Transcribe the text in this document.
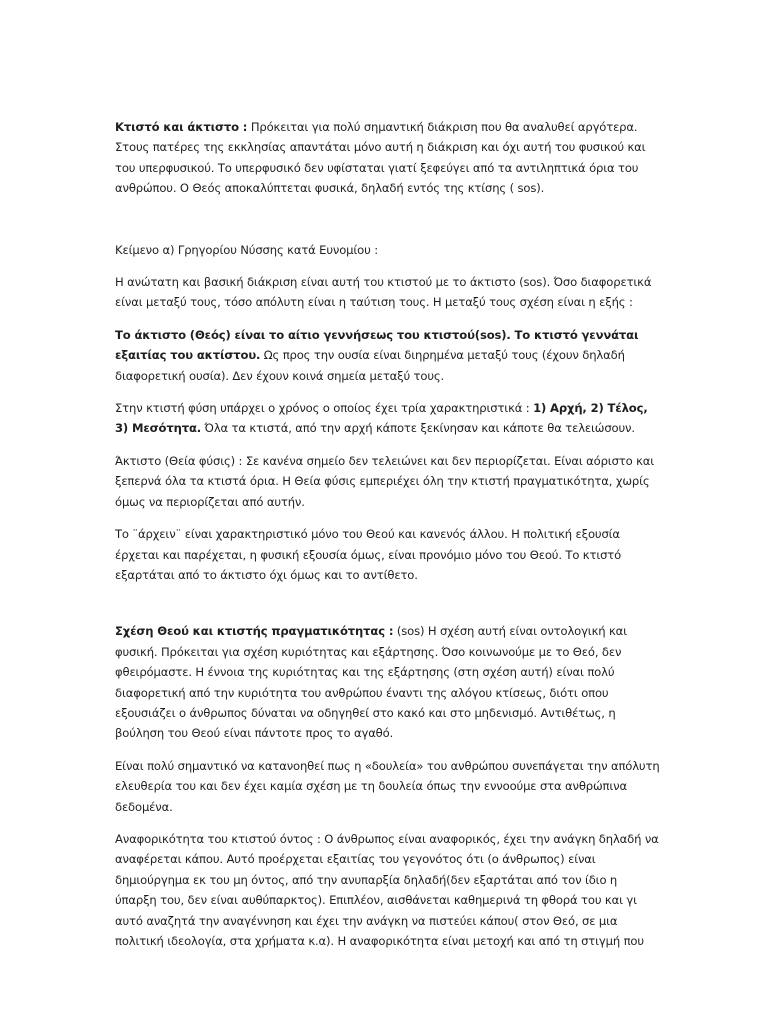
Κτιστό και άκτιστο : Πρόκειται για πολύ σημαντική διάκριση που θα αναλυθεί αργότερα. Στους πατέρες της εκκλησίας απαντάται μόνο αυτή η διάκριση και όχι αυτή του φυσικού και του υπερφυσικού. Το υπερφυσικό δεν υφίσταται γιατί ξεφεύγει από τα αντιληπτικά όρια του ανθρώπου. Ο Θεός αποκαλύπτεται φυσικά, δηλαδή εντός της κτίσης ( sos).

Κείμενο α) Γρηγορίου Νύσσης κατά Ευνομίου :

Η ανώτατη και βασική διάκριση είναι αυτή του κτιστού με το άκτιστο (sos). Όσο διαφορετικά είναι μεταξύ τους, τόσο απόλυτη είναι η ταύτιση τους. Η μεταξύ τους σχέση είναι η εξής :

Το άκτιστο (Θεός) είναι το αίτιο γεννήσεως του κτιστού(sos). Το κτιστό γεννάται εξαιτίας του ακτίστου. Ως προς την ουσία είναι διηρημένα μεταξύ τους (έχουν δηλαδή διαφορετική ουσία). Δεν έχουν κοινά σημεία μεταξύ τους.

Στην κτιστή φύση υπάρχει ο χρόνος ο οποίος έχει τρία χαρακτηριστικά : 1) Αρχή, 2) Τέλος, 3) Μεσότητα. Όλα τα κτιστά, από την αρχή κάποτε ξεκίνησαν και κάποτε θα τελειώσουν.

Άκτιστο (Θεία φύσις) : Σε κανένα σημείο δεν τελειώνει και δεν περιορίζεται. Είναι αόριστο και ξεπερνά όλα τα κτιστά όρια. Η Θεία φύσις εμπεριέχει όλη την κτιστή πραγματικότητα, χωρίς όμως να περιορίζεται από αυτήν.

Το ¨άρχειν¨ είναι χαρακτηριστικό μόνο του Θεού και κανενός άλλου. Η πολιτική εξουσία έρχεται και παρέχεται, η φυσική εξουσία όμως, είναι προνόμιο μόνο του Θεού. Το κτιστό εξαρτάται από το άκτιστο όχι όμως και το αντίθετο.

Σχέση Θεού και κτιστής πραγματικότητας : (sos) Η σχέση αυτή είναι οντολογική και φυσική. Πρόκειται για σχέση κυριότητας και εξάρτησης. Όσο κοινωνούμε με το Θεό, δεν φθειρόμαστε. Η έννοια της κυριότητας και της εξάρτησης (στη σχέση αυτή) είναι πολύ διαφορετική από την κυριότητα του ανθρώπου έναντι της αλόγου κτίσεως, διότι οπου εξουσιάζει ο άνθρωπος δύναται να οδηγηθεί στο κακό και στο μηδενισμό. Αντιθέτως, η βούληση του Θεού είναι πάντοτε προς το αγαθό.

Είναι πολύ σημαντικό να κατανοηθεί πως η «δουλεία» του ανθρώπου συνεπάγεται την απόλυτη ελευθερία του και δεν έχει καμία σχέση με τη δουλεία όπως την εννοούμε στα ανθρώπινα δεδομένα.

Αναφορικότητα του κτιστού όντος : Ο άνθρωπος είναι αναφορικός, έχει την ανάγκη δηλαδή να αναφέρεται κάπου. Αυτό προέρχεται εξαιτίας του γεγονότος ότι (ο άνθρωπος) είναι δημιούργημα εκ του μη όντος, από την ανυπαρξία δηλαδή(δεν εξαρτάται από τον ίδιο η ύπαρξη του, δεν είναι αυθύπαρκτος). Επιπλέον, αισθάνεται καθημερινά τη φθορά του και γι αυτό αναζητά την αναγέννηση και έχει την ανάγκη να πιστεύει κάπου( στον Θεό, σε μια πολιτική ιδεολογία, στα χρήματα κ.α). Η αναφορικότητα είναι μετοχή και από τη στιγμή που
